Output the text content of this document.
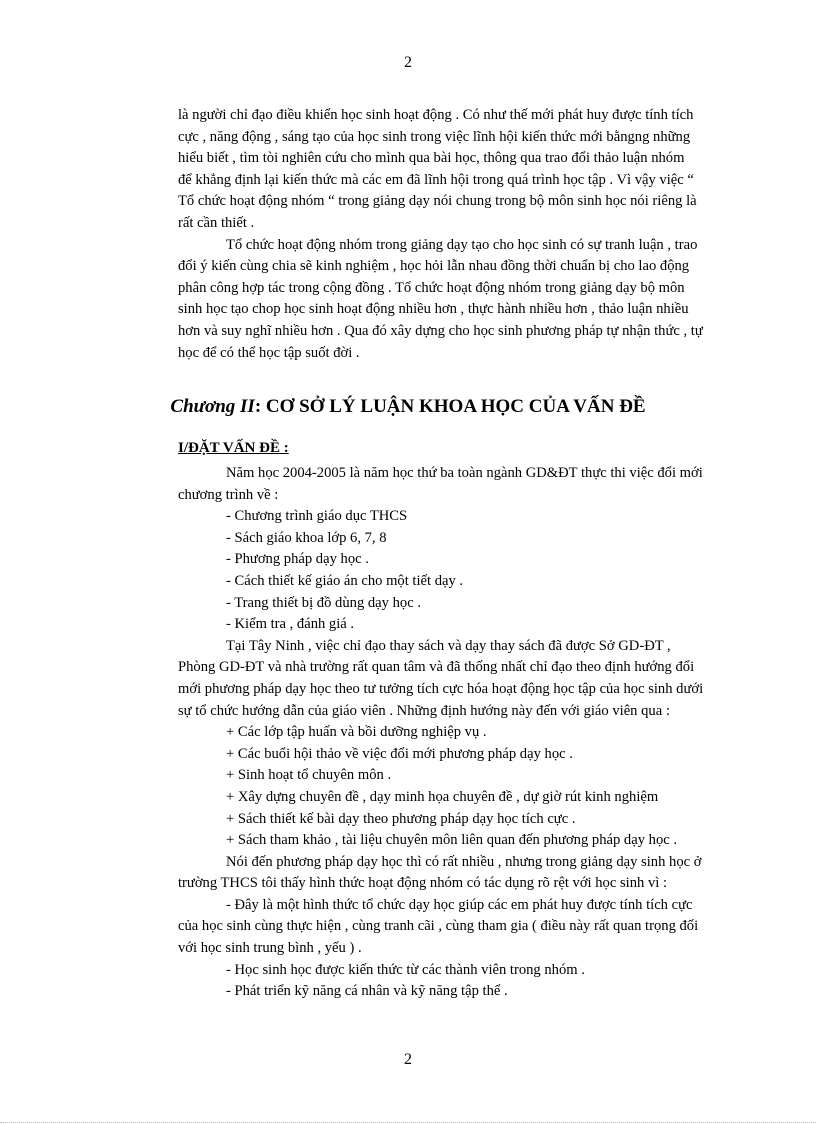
2
là người chỉ đạo điều khiển học sinh hoạt động . Có như thế mới phát huy được tính tích
cực , năng động , sáng tạo của học sinh trong việc lĩnh hội kiến thức mới bằngng những
hiểu biết , tìm tòi nghiên cứu cho mình qua bài học, thông qua trao đổi thảo luận nhóm
để khẳng định lại kiến thức mà các em đã lĩnh hội trong quá trình học tập . Vì vậy việc “
Tổ chức hoạt động nhóm “ trong giảng dạy nói chung trong bộ môn sinh học nói riêng là
rất cần thiết .
Tổ chức hoạt động nhóm trong giảng dạy tạo cho học sinh có sự tranh luận , trao
đổi ý kiến cùng chia sẽ kinh nghiệm , học hỏi lẫn nhau đồng thời chuẩn bị cho lao động
phân công hợp tác trong cộng đồng . Tổ chức hoạt động nhóm trong giảng dạy bộ môn
sinh học tạo chop học sinh hoạt động nhiều hơn , thực hành nhiều hơn , thảo luận nhiều
hơn và suy nghĩ nhiều hơn . Qua đó xây dựng cho học sinh phương pháp tự nhận thức , tự
học để có thể học tập suốt đời .
Chương II: CƠ SỞ LÝ LUẬN KHOA HỌC CỦA VẤN ĐỀ
I/ĐẶT VẤN ĐỀ :
Năm học 2004-2005 là năm học thứ ba toàn ngành GD&ĐT thực thi việc đổi mới
chương trình về :
- Chương trình giáo dục THCS
- Sách giáo khoa lớp 6, 7, 8
- Phương pháp dạy học .
- Cách thiết kế giáo án cho một tiết dạy .
- Trang thiết bị đồ dùng dạy học .
- Kiểm tra , đánh giá .
Tại Tây Ninh , việc chỉ đạo thay sách và dạy thay sách đã được Sở GD-ĐT ,
Phòng GD-ĐT và nhà trường rất quan tâm và đã thống nhất chỉ đạo theo định hướng đổi
mới phương pháp dạy học theo tư tưởng tích cực hóa hoạt động học tập của học sinh dưới
sự tổ chức hướng dẫn của giáo viên . Những định hướng này đến với giáo viên qua :
+ Các lớp tập huấn và bồi dưỡng nghiệp vụ .
+ Các buổi hội thảo về việc đổi mới phương pháp dạy học .
+ Sinh hoạt tổ chuyên môn .
+ Xây dựng chuyên đề , dạy minh họa chuyên đề , dự giờ rút kinh nghiệm
+ Sách thiết kế bài dạy theo phương pháp dạy học tích cực .
+ Sách tham khảo , tài liệu chuyên môn liên quan đến phương pháp dạy học .
Nói đến phương pháp dạy học thì có rất nhiều , nhưng trong giảng dạy sinh học ở
trường THCS tôi thấy hình thức hoạt động nhóm có tác dụng rõ rệt với học sinh vì :
- Đây là một hình thức tổ chức dạy học giúp các em phát huy được tính tích cực
của học sinh cùng thực hiện , cùng tranh cãi , cùng tham gia ( điều này rất quan trọng đối
với học sinh trung bình , yếu ) .
- Học sinh học được kiến thức từ các thành viên trong nhóm .
- Phát triển kỹ năng cá nhân và kỹ năng tập thể .
2
